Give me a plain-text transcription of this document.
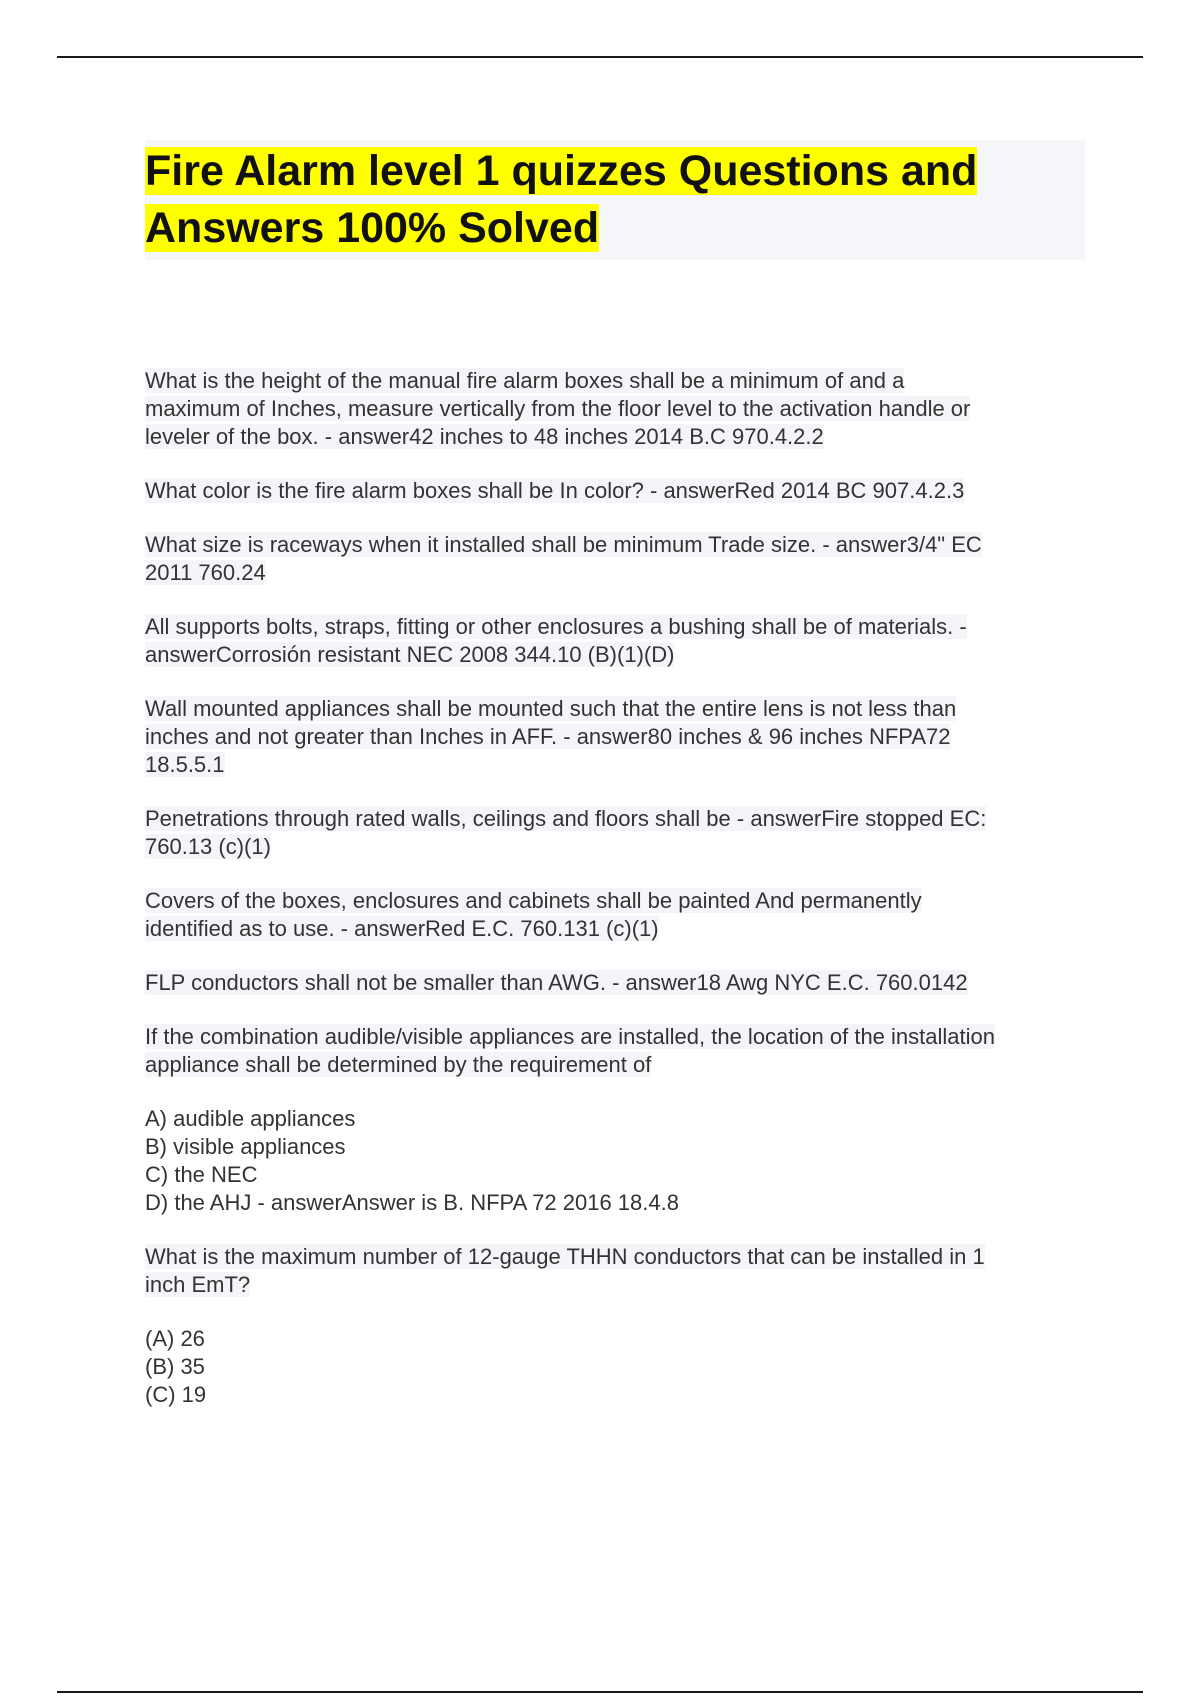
Fire Alarm level 1 quizzes Questions and
Answers 100% Solved

What is the height of the manual fire alarm boxes shall be a minimum of and a
maximum of Inches, measure vertically from the floor level to the activation handle or
leveler of the box. - answer42 inches to 48 inches 2014 B.C 970.4.2.2

What color is the fire alarm boxes shall be In color? - answerRed 2014 BC 907.4.2.3

What size is raceways when it installed shall be minimum Trade size. - answer3/4" EC
2011 760.24

All supports bolts, straps, fitting or other enclosures a bushing shall be of materials. -
answerCorrosión resistant NEC 2008 344.10 (B)(1)(D)

Wall mounted appliances shall be mounted such that the entire lens is not less than
inches and not greater than Inches in AFF. - answer80 inches & 96 inches NFPA72
18.5.5.1

Penetrations through rated walls, ceilings and floors shall be - answerFire stopped EC:
760.13 (c)(1)

Covers of the boxes, enclosures and cabinets shall be painted And permanently
identified as to use. - answerRed E.C. 760.131 (c)(1)

FLP conductors shall not be smaller than AWG. - answer18 Awg NYC E.C. 760.0142

If the combination audible/visible appliances are installed, the location of the installation
appliance shall be determined by the requirement of

A) audible appliances
B) visible appliances
C) the NEC
D) the AHJ - answerAnswer is B. NFPA 72 2016 18.4.8

What is the maximum number of 12-gauge THHN conductors that can be installed in 1
inch EmT?

(A) 26
(B) 35
(C) 19
